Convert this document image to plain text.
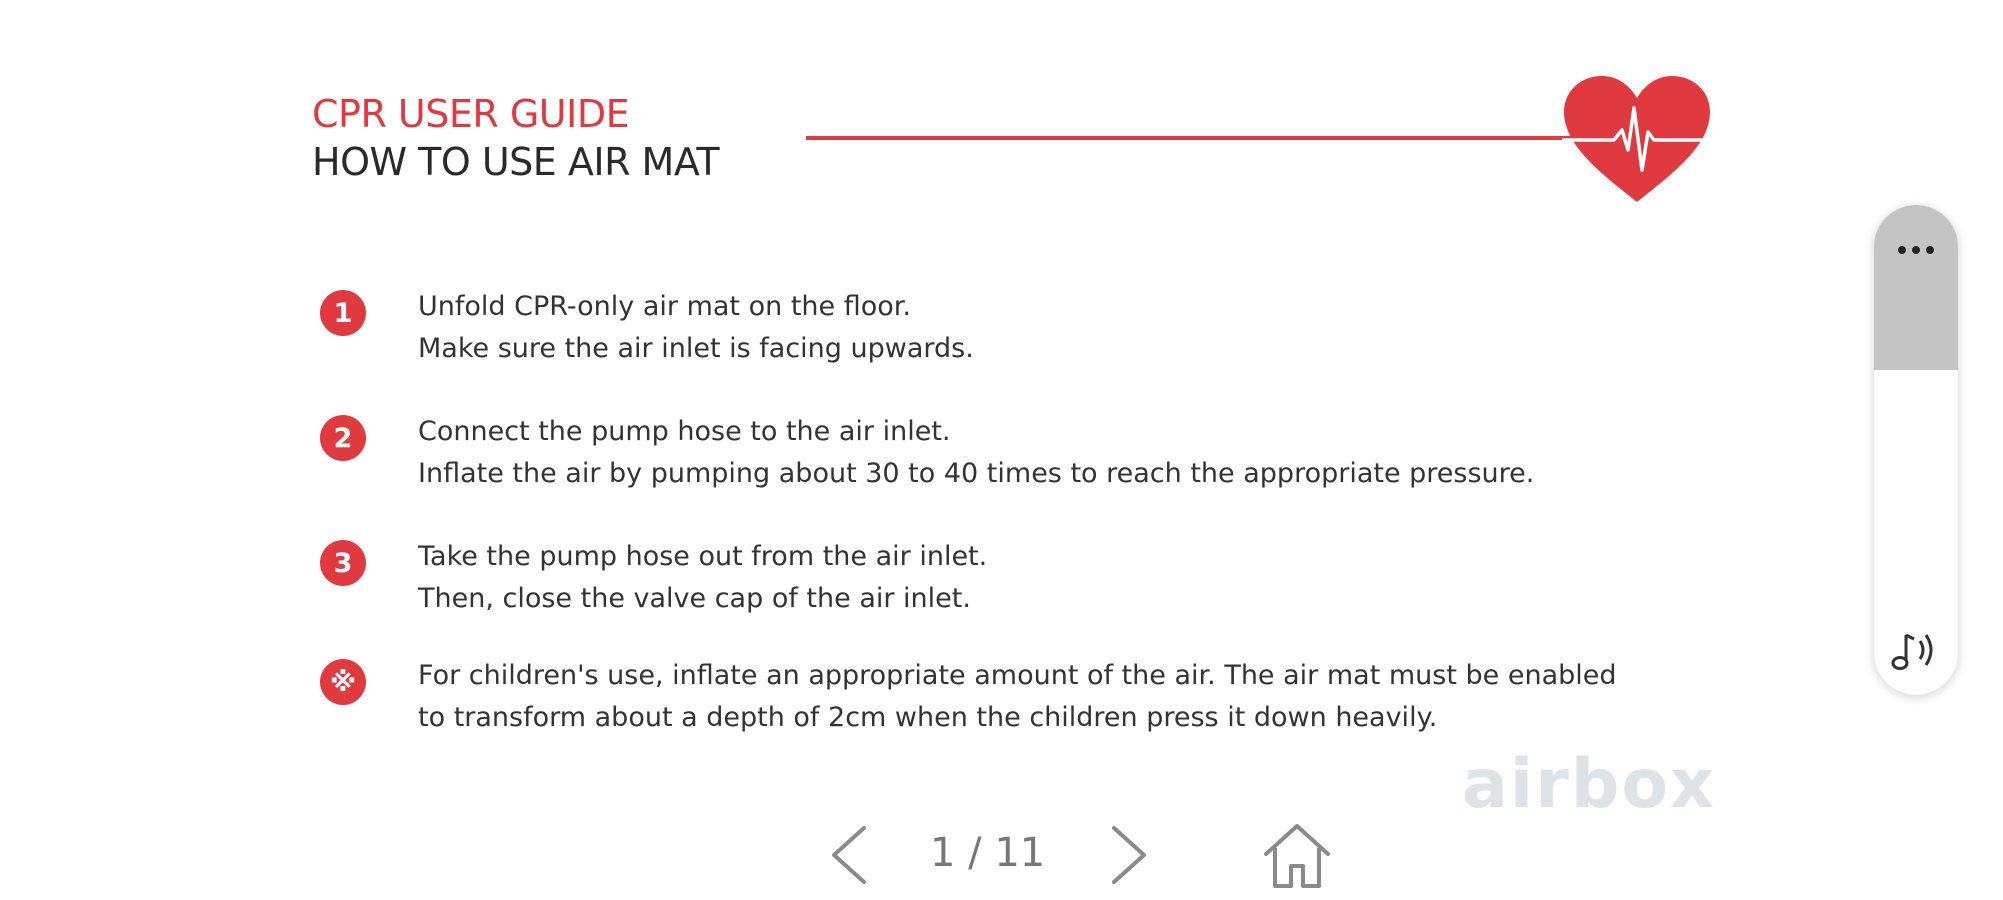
CPR USER GUIDE
HOW TO USE AIR MAT
1	Unfold CPR-only air mat on the floor.
Make sure the air inlet is facing upwards.
2	Connect the pump hose to the air inlet.
Inflate the air by pumping about 30 to 40 times to reach the appropriate pressure.
3	Take the pump hose out from the air inlet.
Then, close the valve cap of the air inlet.
※	For children's use, inflate an appropriate amount of the air. The air mat must be enabled
to transform about a depth of 2cm when the children press it down heavily.
airbox
1 / 11
